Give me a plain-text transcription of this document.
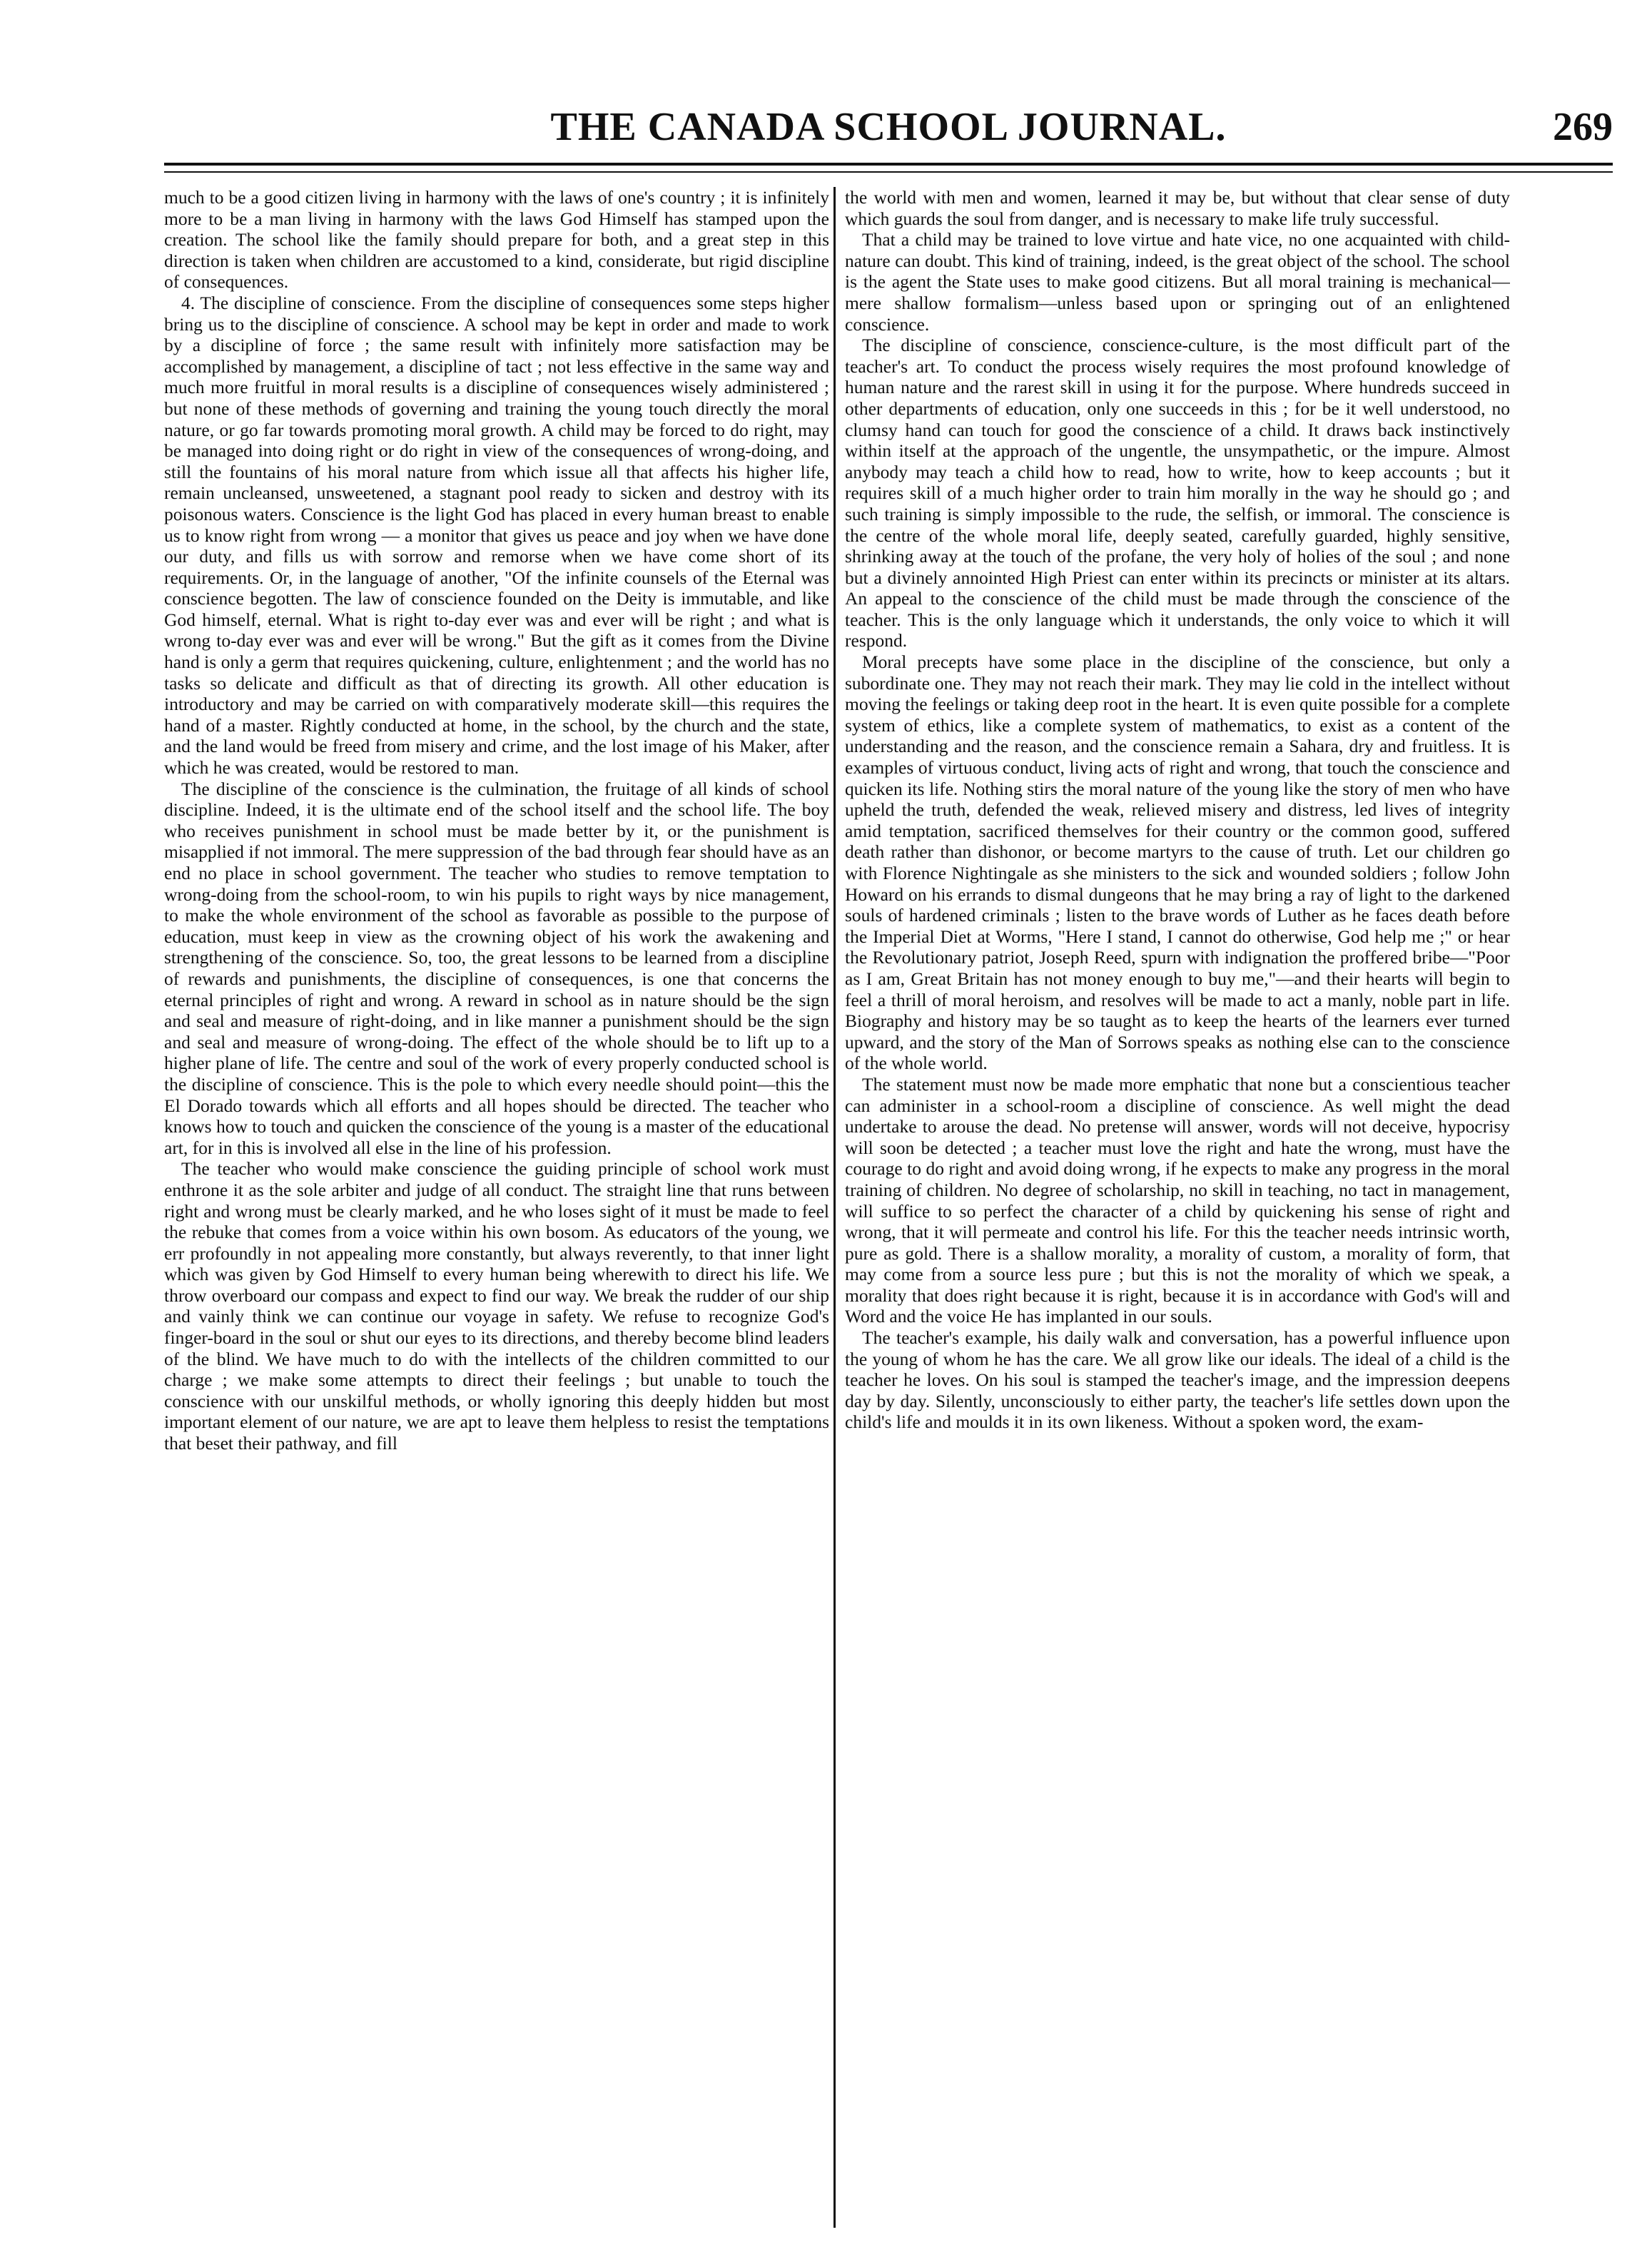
THE CANADA SCHOOL JOURNAL.	269

much to be a good citizen living in harmony with the laws of one's country ; it is infinitely more to be a man living in harmony with the laws God Himself has stamped upon the creation. The school like the family should prepare for both, and a great step in this direction is taken when children are accustomed to a kind, considerate, but rigid discipline of consequences.

4. The discipline of conscience. From the discipline of consequences some steps higher bring us to the discipline of conscience. A school may be kept in order and made to work by a discipline of force ; the same result with infinitely more satisfaction may be accomplished by management, a discipline of tact ; not less effective in the same way and much more fruitful in moral results is a discipline of consequences wisely administered ; but none of these methods of governing and training the young touch directly the moral nature, or go far towards promoting moral growth. A child may be forced to do right, may be managed into doing right or do right in view of the consequences of wrong-doing, and still the fountains of his moral nature from which issue all that affects his higher life, remain uncleansed, unsweetened, a stagnant pool ready to sicken and destroy with its poisonous waters. Conscience is the light God has placed in every human breast to enable us to know right from wrong — a monitor that gives us peace and joy when we have done our duty, and fills us with sorrow and remorse when we have come short of its requirements. Or, in the language of another, "Of the infinite counsels of the Eternal was conscience begotten. The law of conscience founded on the Deity is immutable, and like God himself, eternal. What is right to-day ever was and ever will be right ; and what is wrong to-day ever was and ever will be wrong." But the gift as it comes from the Divine hand is only a germ that requires quickening, culture, enlightenment ; and the world has no tasks so delicate and difficult as that of directing its growth. All other education is introductory and may be carried on with comparatively moderate skill—this requires the hand of a master. Rightly conducted at home, in the school, by the church and the state, and the land would be freed from misery and crime, and the lost image of his Maker, after which he was created, would be restored to man.

The discipline of the conscience is the culmination, the fruitage of all kinds of school discipline. Indeed, it is the ultimate end of the school itself and the school life. The boy who receives punishment in school must be made better by it, or the punishment is misapplied if not immoral. The mere suppression of the bad through fear should have as an end no place in school government. The teacher who studies to remove temptation to wrong-doing from the school-room, to win his pupils to right ways by nice management, to make the whole environment of the school as favorable as possible to the purpose of education, must keep in view as the crowning object of his work the awakening and strengthening of the conscience. So, too, the great lessons to be learned from a discipline of rewards and punishments, the discipline of consequences, is one that concerns the eternal principles of right and wrong. A reward in school as in nature should be the sign and seal and measure of right-doing, and in like manner a punishment should be the sign and seal and measure of wrong-doing. The effect of the whole should be to lift up to a higher plane of life. The centre and soul of the work of every properly conducted school is the discipline of conscience. This is the pole to which every needle should point—this the El Dorado towards which all efforts and all hopes should be directed. The teacher who knows how to touch and quicken the conscience of the young is a master of the educational art, for in this is involved all else in the line of his profession.

The teacher who would make conscience the guiding principle of school work must enthrone it as the sole arbiter and judge of all conduct. The straight line that runs between right and wrong must be clearly marked, and he who loses sight of it must be made to feel the rebuke that comes from a voice within his own bosom. As educators of the young, we err profoundly in not appealing more constantly, but always reverently, to that inner light which was given by God Himself to every human being wherewith to direct his life. We throw overboard our compass and expect to find our way. We break the rudder of our ship and vainly think we can continue our voyage in safety. We refuse to recognize God's finger-board in the soul or shut our eyes to its directions, and thereby become blind leaders of the blind. We have much to do with the intellects of the children committed to our charge ; we make some attempts to direct their feelings ; but unable to touch the conscience with our unskilful methods, or wholly ignoring this deeply hidden but most important element of our nature, we are apt to leave them helpless to resist the temptations that beset their pathway, and fill

the world with men and women, learned it may be, but without that clear sense of duty which guards the soul from danger, and is necessary to make life truly successful.

That a child may be trained to love virtue and hate vice, no one acquainted with child-nature can doubt. This kind of training, indeed, is the great object of the school. The school is the agent the State uses to make good citizens. But all moral training is mechanical—mere shallow formalism—unless based upon or springing out of an enlightened conscience.

The discipline of conscience, conscience-culture, is the most difficult part of the teacher's art. To conduct the process wisely requires the most profound knowledge of human nature and the rarest skill in using it for the purpose. Where hundreds succeed in other departments of education, only one succeeds in this ; for be it well understood, no clumsy hand can touch for good the conscience of a child. It draws back instinctively within itself at the approach of the ungentle, the unsympathetic, or the impure. Almost anybody may teach a child how to read, how to write, how to keep accounts ; but it requires skill of a much higher order to train him morally in the way he should go ; and such training is simply impossible to the rude, the selfish, or immoral. The conscience is the centre of the whole moral life, deeply seated, carefully guarded, highly sensitive, shrinking away at the touch of the profane, the very holy of holies of the soul ; and none but a divinely annointed High Priest can enter within its precincts or minister at its altars. An appeal to the conscience of the child must be made through the conscience of the teacher. This is the only language which it understands, the only voice to which it will respond.

Moral precepts have some place in the discipline of the conscience, but only a subordinate one. They may not reach their mark. They may lie cold in the intellect without moving the feelings or taking deep root in the heart. It is even quite possible for a complete system of ethics, like a complete system of mathematics, to exist as a content of the understanding and the reason, and the conscience remain a Sahara, dry and fruitless. It is examples of virtuous conduct, living acts of right and wrong, that touch the conscience and quicken its life. Nothing stirs the moral nature of the young like the story of men who have upheld the truth, defended the weak, relieved misery and distress, led lives of integrity amid temptation, sacrificed themselves for their country or the common good, suffered death rather than dishonor, or become martyrs to the cause of truth. Let our children go with Florence Nightingale as she ministers to the sick and wounded soldiers ; follow John Howard on his errands to dismal dungeons that he may bring a ray of light to the darkened souls of hardened criminals ; listen to the brave words of Luther as he faces death before the Imperial Diet at Worms, "Here I stand, I cannot do otherwise, God help me ;" or hear the Revolutionary patriot, Joseph Reed, spurn with indignation the proffered bribe—"Poor as I am, Great Britain has not money enough to buy me,"—and their hearts will begin to feel a thrill of moral heroism, and resolves will be made to act a manly, noble part in life. Biography and history may be so taught as to keep the hearts of the learners ever turned upward, and the story of the Man of Sorrows speaks as nothing else can to the conscience of the whole world.

The statement must now be made more emphatic that none but a conscientious teacher can administer in a school-room a discipline of conscience. As well might the dead undertake to arouse the dead. No pretense will answer, words will not deceive, hypocrisy will soon be detected ; a teacher must love the right and hate the wrong, must have the courage to do right and avoid doing wrong, if he expects to make any progress in the moral training of children. No degree of scholarship, no skill in teaching, no tact in management, will suffice to so perfect the character of a child by quickening his sense of right and wrong, that it will permeate and control his life. For this the teacher needs intrinsic worth, pure as gold. There is a shallow morality, a morality of custom, a morality of form, that may come from a source less pure ; but this is not the morality of which we speak, a morality that does right because it is right, because it is in accordance with God's will and Word and the voice He has implanted in our souls.

The teacher's example, his daily walk and conversation, has a powerful influence upon the young of whom he has the care. We all grow like our ideals. The ideal of a child is the teacher he loves. On his soul is stamped the teacher's image, and the impression deepens day by day. Silently, unconsciously to either party, the teacher's life settles down upon the child's life and moulds it in its own likeness. Without a spoken word, the exam-
